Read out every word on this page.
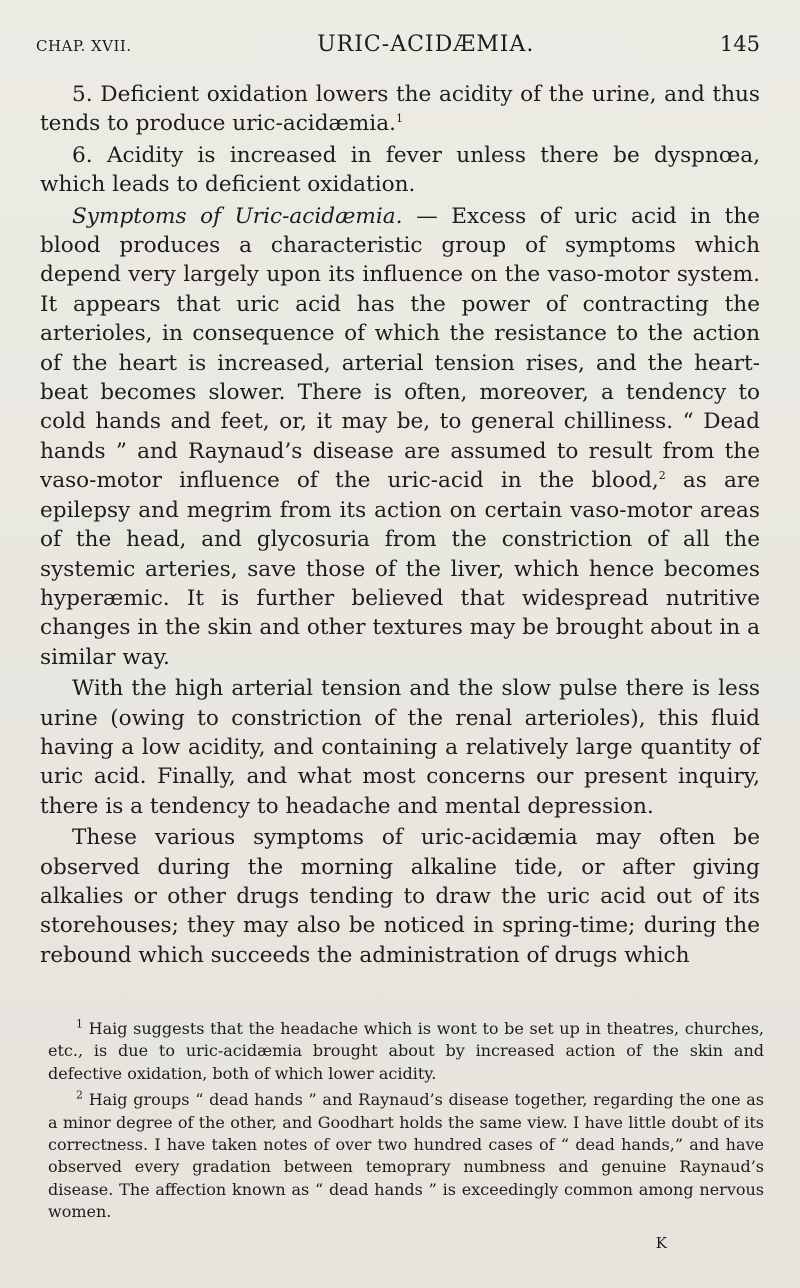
CHAP. XVII.	URIC-ACIDÆMIA.	145

5. Deficient oxidation lowers the acidity of the urine, and thus tends to produce uric-acidæmia.$^1$

6. Acidity is increased in fever unless there be dyspnœa, which leads to deficient oxidation.

Symptoms of Uric-acidæmia. — Excess of uric acid in the blood produces a characteristic group of symptoms which depend very largely upon its influence on the vaso-motor system. It appears that uric acid has the power of contracting the arterioles, in consequence of which the resistance to the action of the heart is increased, arterial tension rises, and the heart-beat becomes slower. There is often, moreover, a tendency to cold hands and feet, or, it may be, to general chilliness. “ Dead hands ” and Raynaud’s disease are assumed to result from the vaso-motor influence of the uric-acid in the blood,$^2$ as are epilepsy and megrim from its action on certain vaso-motor areas of the head, and glycosuria from the constriction of all the systemic arteries, save those of the liver, which hence becomes hyperæmic. It is further believed that widespread nutritive changes in the skin and other textures may be brought about in a similar way.

With the high arterial tension and the slow pulse there is less urine (owing to constriction of the renal arterioles), this fluid having a low acidity, and containing a relatively large quantity of uric acid. Finally, and what most concerns our present inquiry, there is a tendency to headache and mental depression.

These various symptoms of uric-acidæmia may often be observed during the morning alkaline tide, or after giving alkalies or other drugs tending to draw the uric acid out of its storehouses; they may also be noticed in spring-time; during the rebound which succeeds the administration of drugs which

$^1$ Haig suggests that the headache which is wont to be set up in theatres, churches, etc., is due to uric-acidæmia brought about by increased action of the skin and defective oxidation, both of which lower acidity.

$^2$ Haig groups “ dead hands ” and Raynaud’s disease together, regarding the one as a minor degree of the other, and Goodhart holds the same view. I have little doubt of its correctness. I have taken notes of over two hundred cases of “ dead hands,” and have observed every gradation between temoprary numbness and genuine Raynaud’s disease. The affection known as “ dead hands ” is exceedingly common among nervous women.

K
